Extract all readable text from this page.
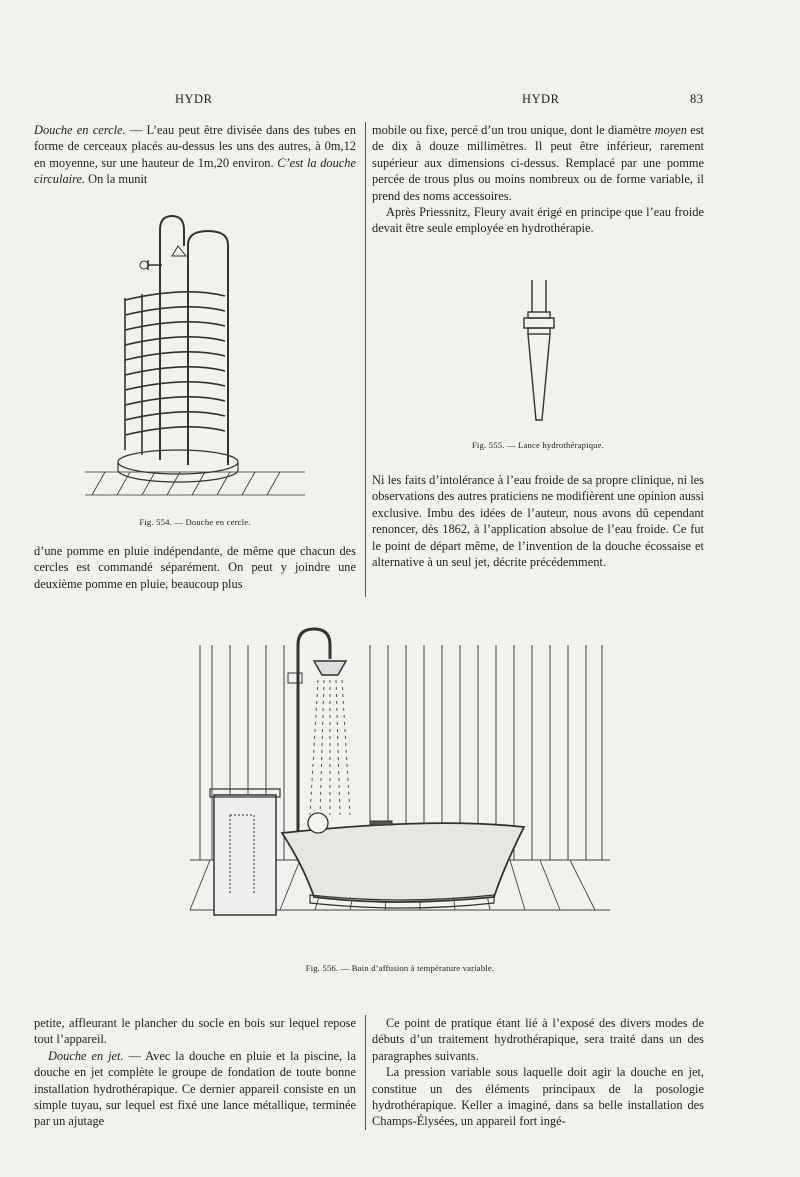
HYDR	HYDR	83

Douche en cercle. — L’eau peut être divisée dans des tubes en forme de cerceaux placés au-dessus les uns des autres, à 0m,12 en moyenne, sur une hauteur de 1m,20 environ. C’est la douche circulaire. On la munit

Fig. 554. — Douche en cercle.

d’une pomme en pluie indépendante, de même que chacun des cercles est commandé séparément. On peut y joindre une deuxième pomme en pluie, beaucoup plus

mobile ou fixe, percé d’un trou unique, dont le diamètre moyen est de dix à douze millimètres. Il peut être inférieur, rarement supérieur aux dimensions ci-dessus. Remplacé par une pomme percée de trous plus ou moins nombreux ou de forme variable, il prend des noms accessoires.

Après Priessnitz, Fleury avait érigé en principe que l’eau froide devait être seule employée en hydrothérapie.

Fig. 555. — Lance hydrothérapique.

Ni les faits d’intolérance à l’eau froide de sa propre clinique, ni les observations des autres praticiens ne modifièrent une opinion aussi exclusive. Imbu des idées de l’auteur, nous avons dû cependant renoncer, dès 1862, à l’application absolue de l’eau froide. Ce fut le point de départ même, de l’invention de la douche écossaise et alternative à un seul jet, décrite précédemment.

Fig. 556. — Bain d’affusion à température variable.

petite, affleurant le plancher du socle en bois sur lequel repose tout l’appareil.

Douche en jet. — Avec la douche en pluie et la piscine, la douche en jet complète le groupe de fondation de toute bonne installation hydrothérapique. Ce dernier appareil consiste en un simple tuyau, sur lequel est fixé une lance métallique, terminée par un ajutage

Ce point de pratique étant lié à l’exposé des divers modes de débuts d’un traitement hydrothérapique, sera traité dans un des paragraphes suivants.

La pression variable sous laquelle doit agir la douche en jet, constitue un des éléments principaux de la posologie hydrothérapique. Keller a imaginé, dans sa belle installation des Champs-Élysées, un appareil fort ingé-
